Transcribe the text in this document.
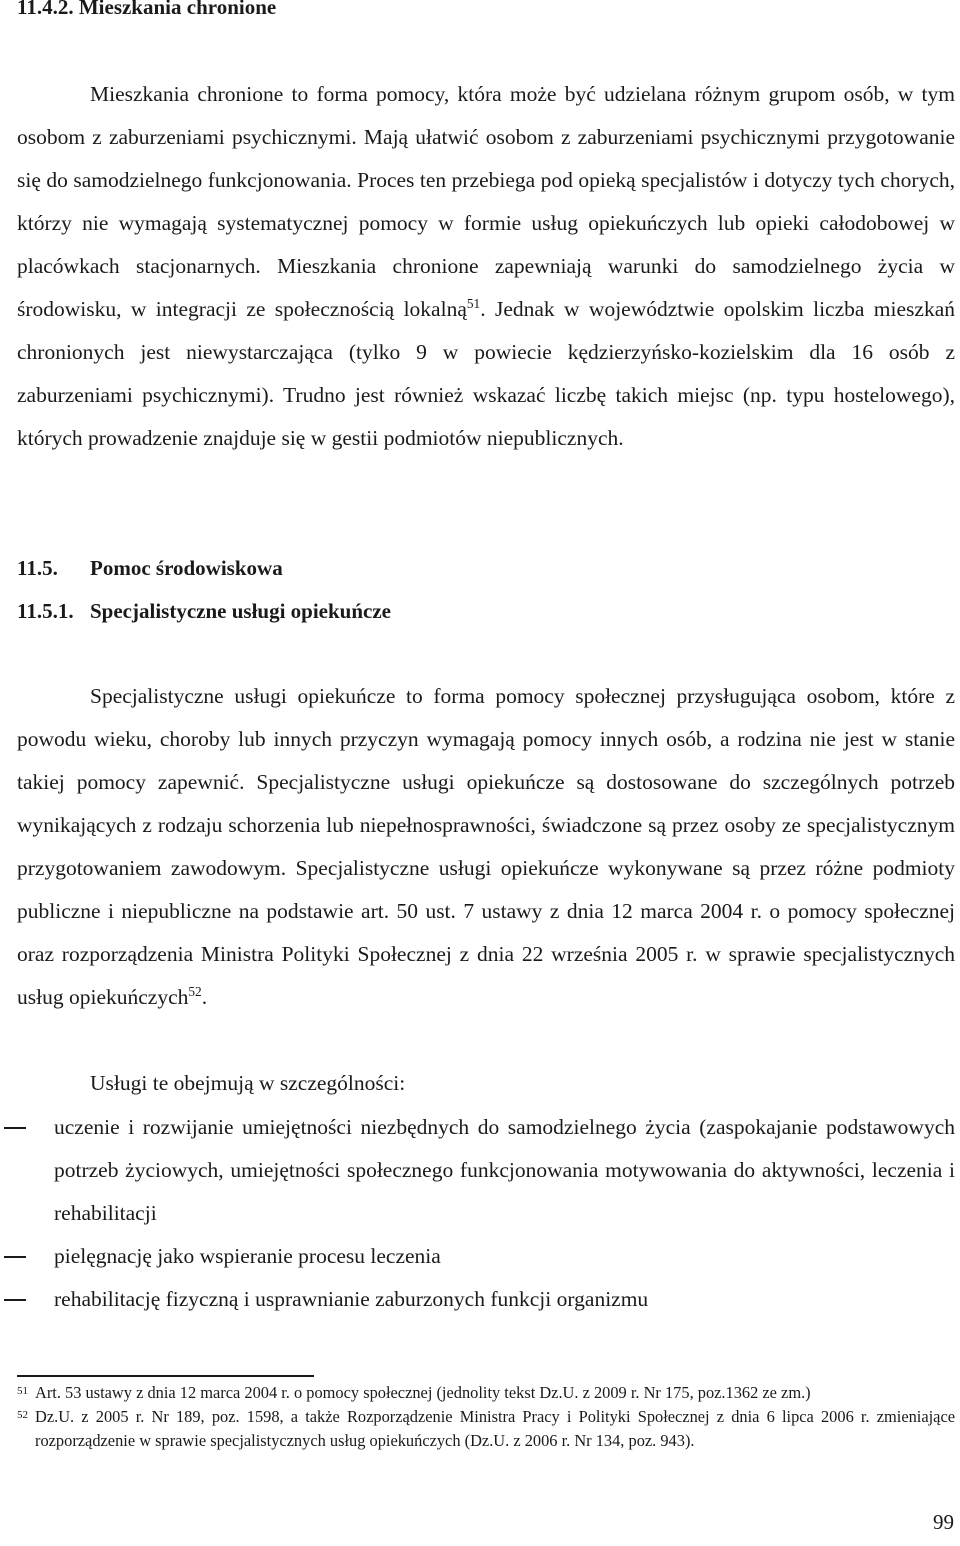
11.4.2. Mieszkania chronione

Mieszkania chronione to forma pomocy, która może być udzielana różnym grupom osób, w tym osobom z zaburzeniami psychicznymi. Mają ułatwić osobom z zaburzeniami psychicznymi przygotowanie się do samodzielnego funkcjonowania. Proces ten przebiega pod opieką specjalistów i dotyczy tych chorych, którzy nie wymagają systematycznej pomocy w formie usług opiekuńczych lub opieki całodobowej w placówkach stacjonarnych. Mieszkania chronione zapewniają warunki do samodzielnego życia w środowisku, w integracji ze społecznością lokalną$^{51}$. Jednak w województwie opolskim liczba mieszkań chronionych jest niewystarczająca (tylko 9 w powiecie kędzierzyńsko-kozielskim dla 16 osób z zaburzeniami psychicznymi). Trudno jest również wskazać liczbę takich miejsc (np. typu hostelowego), których prowadzenie znajduje się w gestii podmiotów niepublicznych.

11.5. Pomoc środowiskowa
11.5.1. Specjalistyczne usługi opiekuńcze

Specjalistyczne usługi opiekuńcze to forma pomocy społecznej przysługująca osobom, które z powodu wieku, choroby lub innych przyczyn wymagają pomocy innych osób, a rodzina nie jest w stanie takiej pomocy zapewnić. Specjalistyczne usługi opiekuńcze są dostosowane do szczególnych potrzeb wynikających z rodzaju schorzenia lub niepełnosprawności, świadczone są przez osoby ze specjalistycznym przygotowaniem zawodowym. Specjalistyczne usługi opiekuńcze wykonywane są przez różne podmioty publiczne i niepubliczne na podstawie art. 50 ust. 7 ustawy z dnia 12 marca 2004 r. o pomocy społecznej oraz rozporządzenia Ministra Polityki Społecznej z dnia 22 września 2005 r. w sprawie specjalistycznych usług opiekuńczych$^{52}$.

Usługi te obejmują w szczególności:
uczenie i rozwijanie umiejętności niezbędnych do samodzielnego życia (zaspokajanie podstawowych potrzeb życiowych, umiejętności społecznego funkcjonowania motywowania do aktywności, leczenia i rehabilitacji
pielęgnację jako wspieranie procesu leczenia
rehabilitację fizyczną i usprawnianie zaburzonych funkcji organizmu
51 Art. 53 ustawy z dnia 12 marca 2004 r. o pomocy społecznej (jednolity tekst Dz.U. z 2009 r. Nr 175, poz.1362 ze zm.)
52 Dz.U. z 2005 r. Nr 189, poz. 1598, a także Rozporządzenie Ministra Pracy i Polityki Społecznej z dnia 6 lipca 2006 r. zmieniające rozporządzenie w sprawie specjalistycznych usług opiekuńczych (Dz.U. z 2006 r. Nr 134, poz. 943).
99
